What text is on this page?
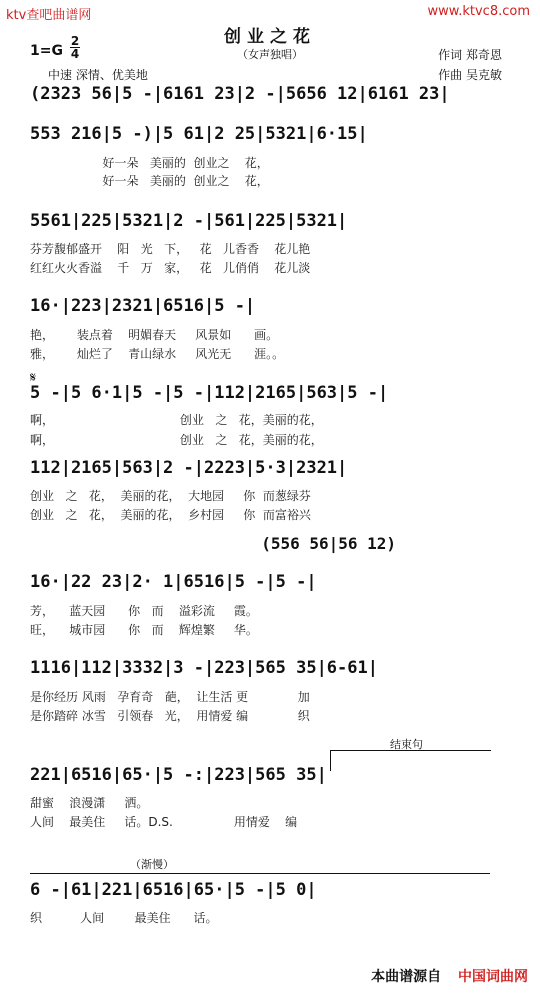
ktv查吧曲谱网	www.ktvc8.com
创业之花
（女声独唱）
1=G
2
4
中速 深情、优美地
作词 郑奇恩
作曲 吴克敏
(2323 56|5 -|6161 23|2 -|5656 12|6161 23|
553 216|5 -)|5 61|2 25|5321|6·15|
好一朵   美丽的  创业之    花，
好一朵   美丽的  创业之    花，
5561|225|5321|2 -|561|225|5321|
芬芳馥郁盛开    阳   光   下，   花   儿香香    花儿艳
红红火火香溢    千   万   家，   花   儿俏俏    花儿淡
16·|223|2321|6516|5 -|
艳，      装点着    明媚春天     风景如      画。
雅，      灿烂了    青山绿水     风光无      涯。。
𝄋
5 -|5 6·1|5 -|5 -|112|2165|563|5 -|
啊，                                 创业   之   花，美丽的花，
啊，                                 创业   之   花，美丽的花，
112|2165|563|2 -|2223|5·3|2321|
创业   之   花，  美丽的花，  大地园     你  而葱绿芬
创业   之   花，  美丽的花，  乡村园     你  而富裕兴
(556 56|56 12)
16·|22 23|2· 1|6516|5 -|5 -|
芳，    蓝天园      你   而    溢彩流     霞。
旺，    城市园      你   而    辉煌繁     华。
1116|112|3332|3 -|223|565 35|6-61|
是你经历 风雨   孕育奇   葩，  让生活 更             加
是你踏碎 冰雪   引领春   光，  用情爱 编             织
结束句
221|6516|65·|5 -:|223|565 35|
甜蜜    浪漫潇     洒。
人间    最美住     话。D.S.                用情爱    编
（渐慢）
6 -|61|221|6516|65·|5 -|5 0|
织          人间        最美住      话。
本曲谱源自 中国词曲网
